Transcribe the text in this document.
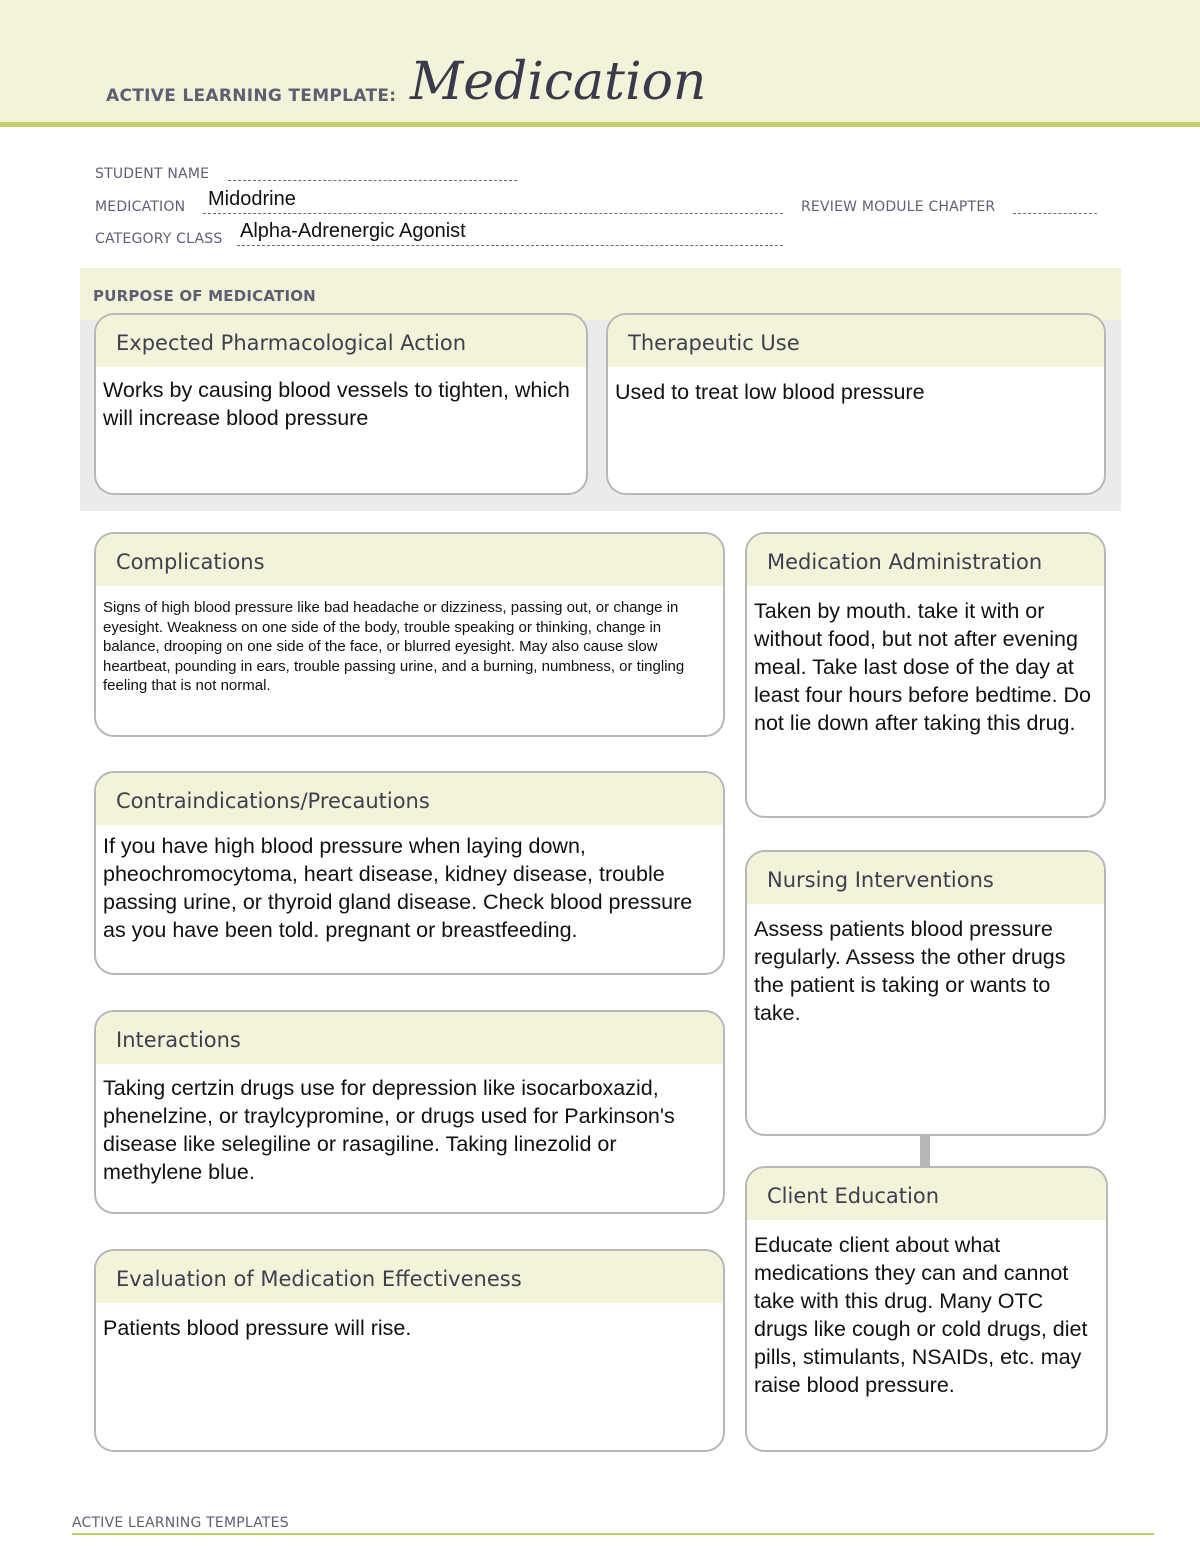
ACTIVE LEARNING TEMPLATE: Medication
STUDENT NAME
MEDICATION Midodrine	REVIEW MODULE CHAPTER
CATEGORY CLASS Alpha-Adrenergic Agonist
PURPOSE OF MEDICATION
Expected Pharmacological Action
Works by causing blood vessels to tighten, which will increase blood pressure
Therapeutic Use
Used to treat low blood pressure
Complications
Signs of high blood pressure like bad headache or dizziness, passing out, or change in eyesight. Weakness on one side of the body, trouble speaking or thinking, change in balance, drooping on one side of the face, or blurred eyesight. May also cause slow heartbeat, pounding in ears, trouble passing urine, and a burning, numbness, or tingling feeling that is not normal.
Contraindications/Precautions
If you have high blood pressure when laying down, pheochromocytoma, heart disease, kidney disease, trouble passing urine, or thyroid gland disease. Check blood pressure as you have been told. pregnant or breastfeeding.
Interactions
Taking certzin drugs use for depression like isocarboxazid, phenelzine, or traylcypromine, or drugs used for Parkinson's disease like selegiline or rasagiline. Taking linezolid or methylene blue.
Evaluation of Medication Effectiveness
Patients blood pressure will rise.
Medication Administration
Taken by mouth. take it with or without food, but not after evening meal. Take last dose of the day at least four hours before bedtime. Do not lie down after taking this drug.
Nursing Interventions
Assess patients blood pressure regularly. Assess the other drugs the patient is taking or wants to take.
Client Education
Educate client about what medications they can and cannot take with this drug. Many OTC drugs like cough or cold drugs, diet pills, stimulants, NSAIDs, etc. may raise blood pressure.
ACTIVE LEARNING TEMPLATES
